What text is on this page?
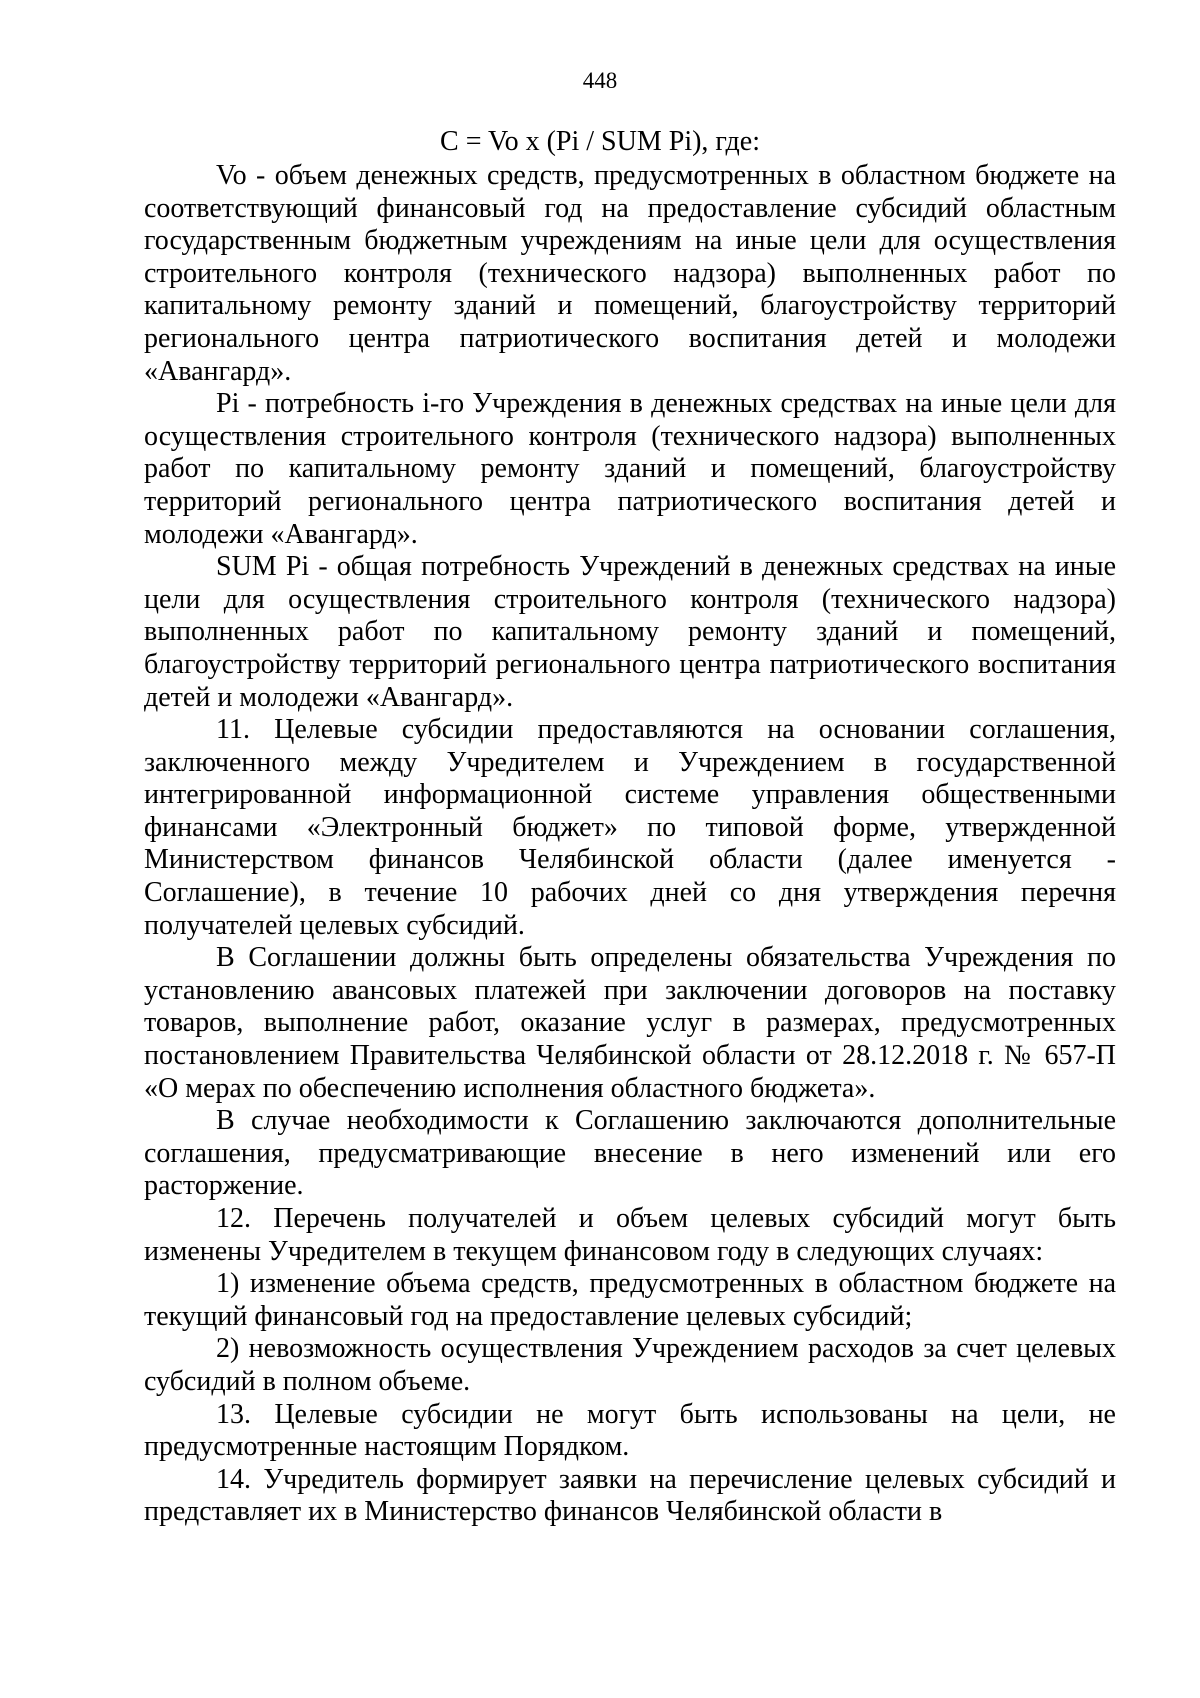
448
C = Vo x (Pi / SUM Pi), где:

Vo - объем денежных средств, предусмотренных в областном бюджете на соответствующий финансовый год на предоставление субсидий областным государственным бюджетным учреждениям на иные цели для осуществления строительного контроля (технического надзора) выполненных работ по капитальному ремонту зданий и помещений, благоустройству территорий регионального центра патриотического воспитания детей и молодежи «Авангард».

Pi - потребность i-го Учреждения в денежных средствах на иные цели для осуществления строительного контроля (технического надзора) выполненных работ по капитальному ремонту зданий и помещений, благоустройству территорий регионального центра патриотического воспитания детей и молодежи «Авангард».

SUM Pi - общая потребность Учреждений в денежных средствах на иные цели для осуществления строительного контроля (технического надзора) выполненных работ по капитальному ремонту зданий и помещений, благоустройству территорий регионального центра патриотического воспитания детей и молодежи «Авангард».

11. Целевые субсидии предоставляются на основании соглашения, заключенного между Учредителем и Учреждением в государственной интегрированной информационной системе управления общественными финансами «Электронный бюджет» по типовой форме, утвержденной Министерством финансов Челябинской области (далее именуется - Соглашение), в течение 10 рабочих дней со дня утверждения перечня получателей целевых субсидий.

В Соглашении должны быть определены обязательства Учреждения по установлению авансовых платежей при заключении договоров на поставку товаров, выполнение работ, оказание услуг в размерах, предусмотренных постановлением Правительства Челябинской области от 28.12.2018 г. № 657-П «О мерах по обеспечению исполнения областного бюджета».

В случае необходимости к Соглашению заключаются дополнительные соглашения, предусматривающие внесение в него изменений или его расторжение.

12. Перечень получателей и объем целевых субсидий могут быть изменены Учредителем в текущем финансовом году в следующих случаях:

1) изменение объема средств, предусмотренных в областном бюджете на текущий финансовый год на предоставление целевых субсидий;

2) невозможность осуществления Учреждением расходов за счет целевых субсидий в полном объеме.

13. Целевые субсидии не могут быть использованы на цели, не предусмотренные настоящим Порядком.

14. Учредитель формирует заявки на перечисление целевых субсидий и представляет их в Министерство финансов Челябинской области в
